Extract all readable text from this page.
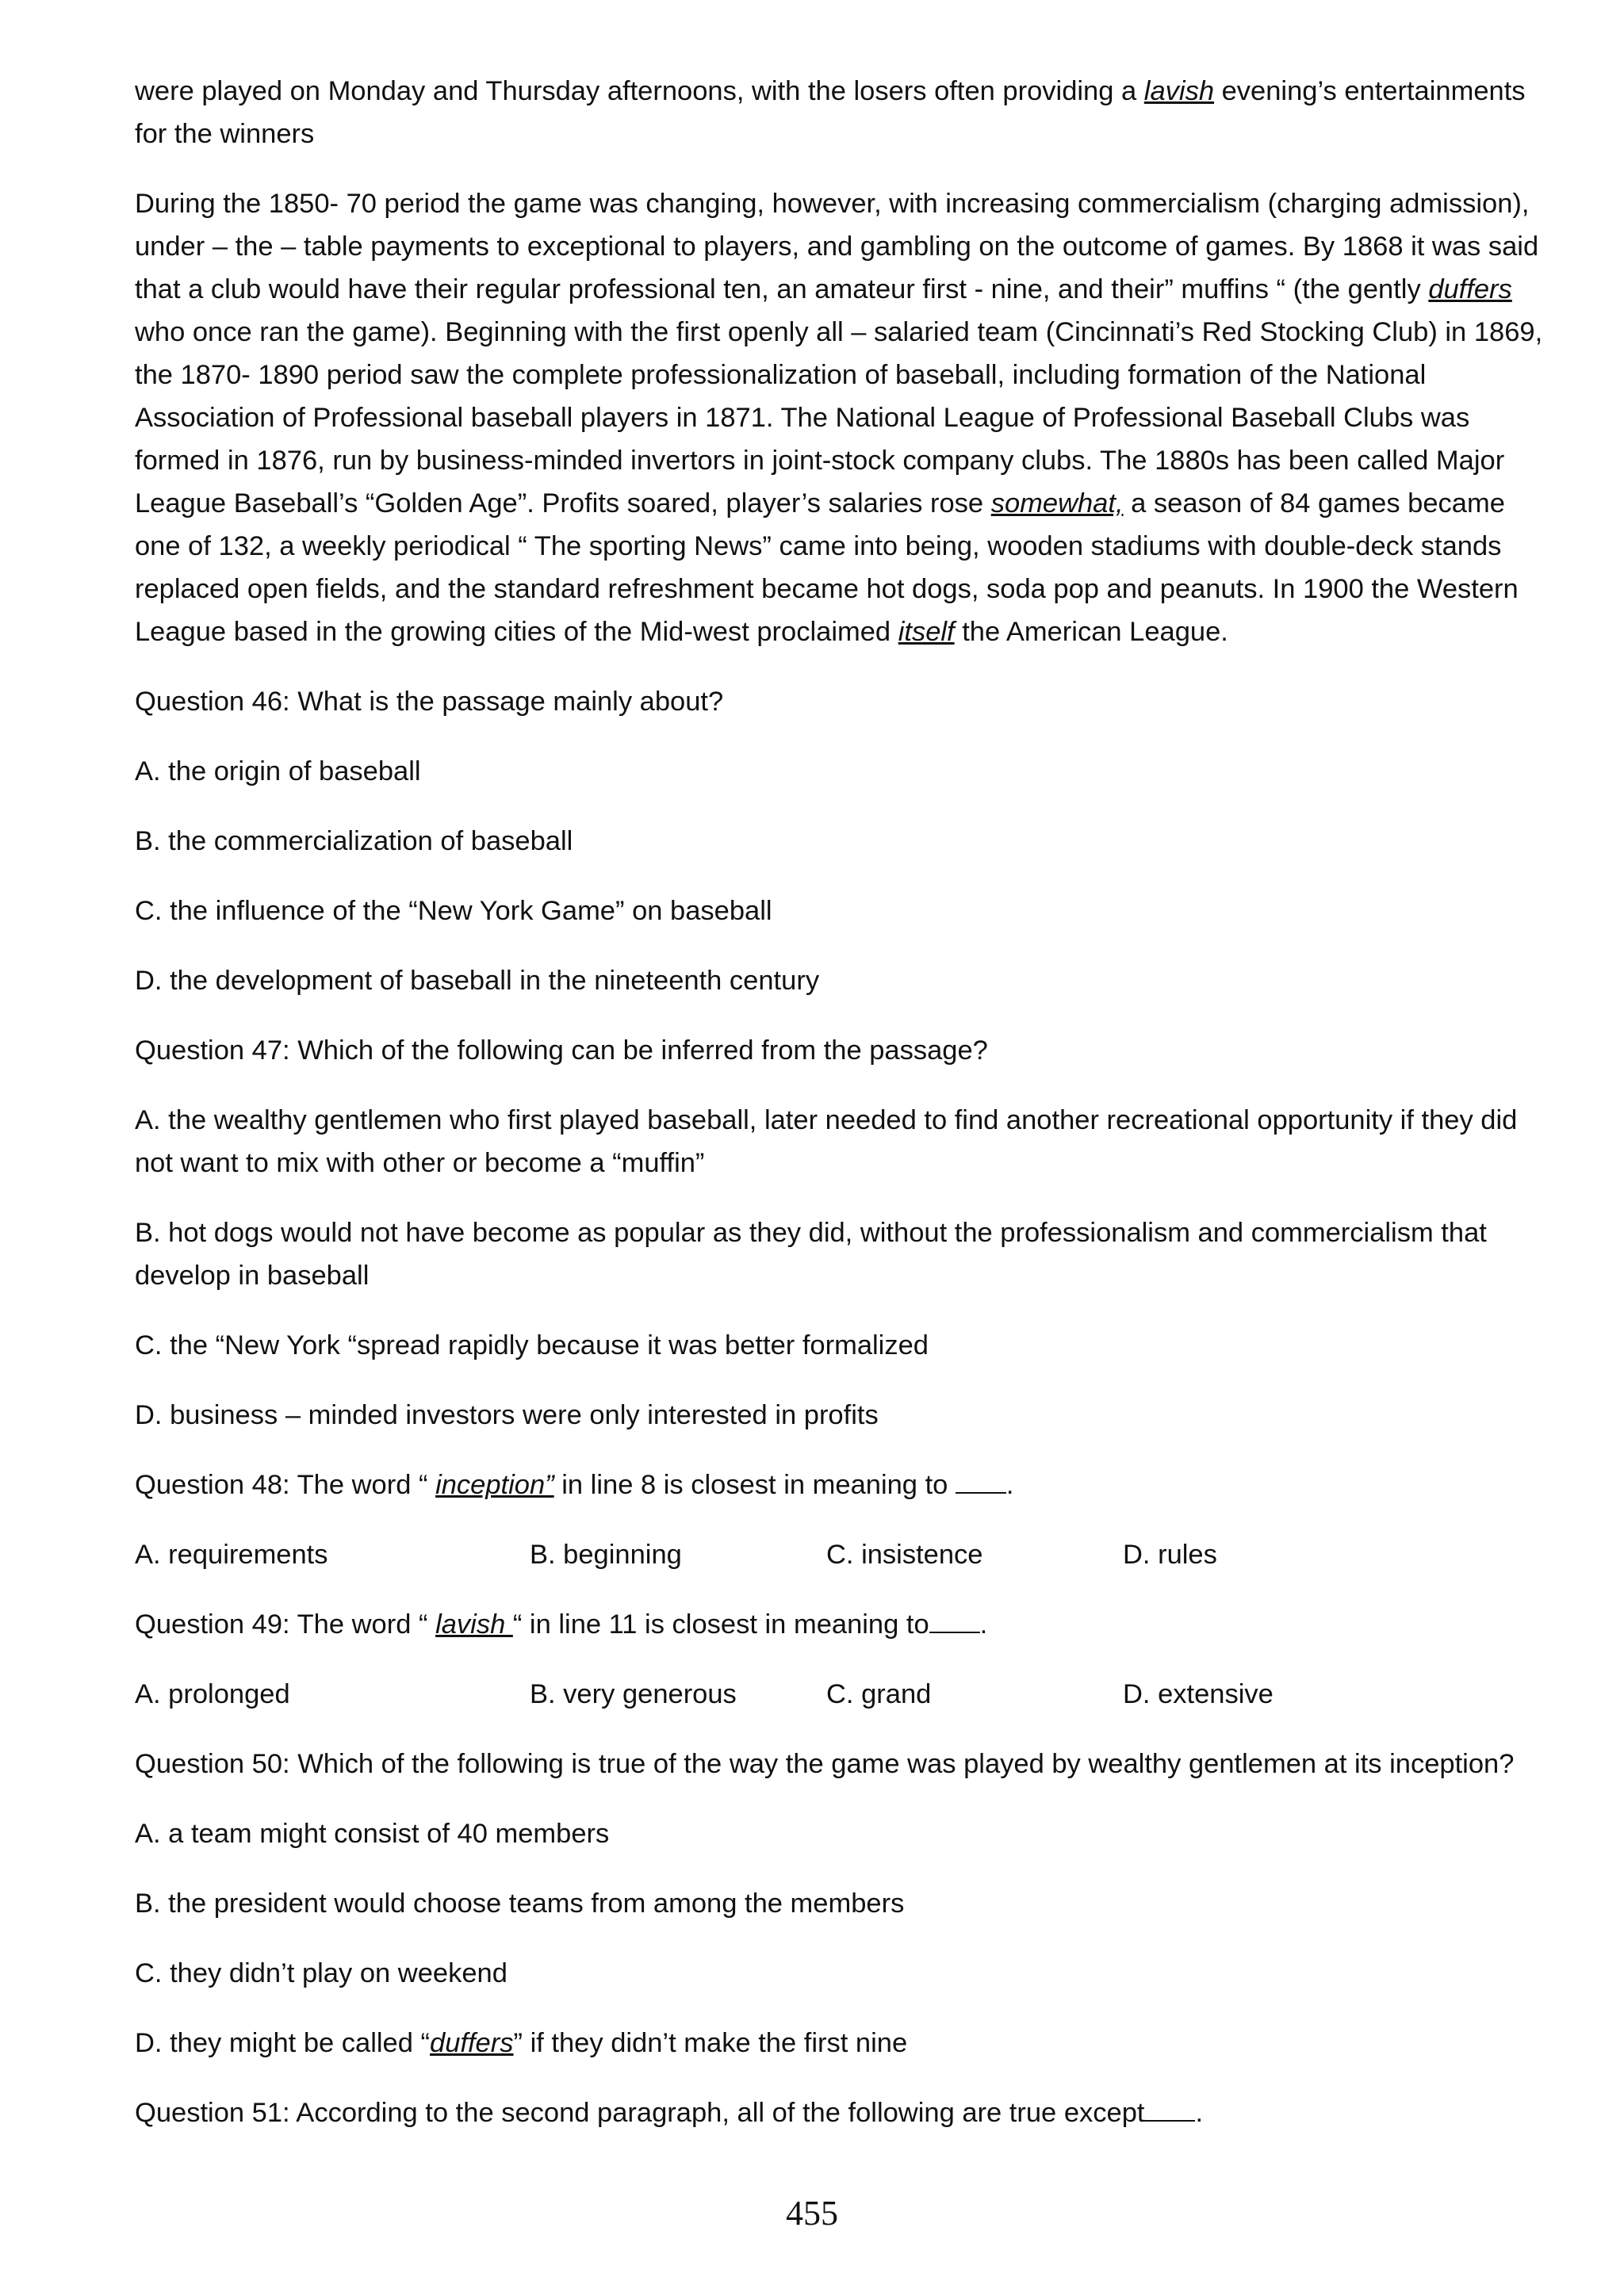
were played on Monday and Thursday afternoons, with the losers often providing a lavish evening’s entertainments for the winners

During the 1850- 70 period the game was changing, however, with increasing commercialism (charging admission), under – the – table payments to exceptional to players, and gambling on the outcome of games. By 1868 it was said that a club would have their regular professional ten, an amateur first - nine, and their” muffins “ (the gently duffers who once ran the game). Beginning with the first openly all – salaried team (Cincinnati’s Red Stocking Club) in 1869, the 1870- 1890 period saw the complete professionalization of baseball, including formation of the National Association of Professional baseball players in 1871. The National League of Professional Baseball Clubs was formed in 1876, run by business-minded invertors in joint-stock company clubs. The 1880s has been called Major League Baseball’s “Golden Age”. Profits soared, player’s salaries rose somewhat, a season of 84 games became one of 132, a weekly periodical “ The sporting News” came into being, wooden stadiums with double-deck stands replaced open fields, and the standard refreshment became hot dogs, soda pop and peanuts. In 1900 the Western League based in the growing cities of the Mid-west proclaimed itself the American League.

Question 46: What is the passage mainly about?

A. the origin of baseball

B. the commercialization of baseball

C. the influence of the “New York Game” on baseball

D. the development of baseball in the nineteenth century

Question 47: Which of the following can be inferred from the passage?

A. the wealthy gentlemen who first played baseball, later needed to find another recreational opportunity if they did not want to mix with other or become a “muffin”

B. hot dogs would not have become as popular as they did, without the professionalism and commercialism that develop in baseball

C. the “New York “spread rapidly because it was better formalized

D. business – minded investors were only interested in profits

Question 48: The word “ inception” in line 8 is closest in meaning to .

A. requirements	B. beginning	C. insistence	D. rules

Question 49: The word “ lavish “ in line 11 is closest in meaning to .

A. prolonged	B. very generous	C. grand	D. extensive

Question 50: Which of the following is true of the way the game was played by wealthy gentlemen at its inception?

A. a team might consist of 40 members

B. the president would choose teams from among the members

C. they didn’t play on weekend

D. they might be called “duffers” if they didn’t make the first nine

Question 51: According to the second paragraph, all of the following are true except .

455
